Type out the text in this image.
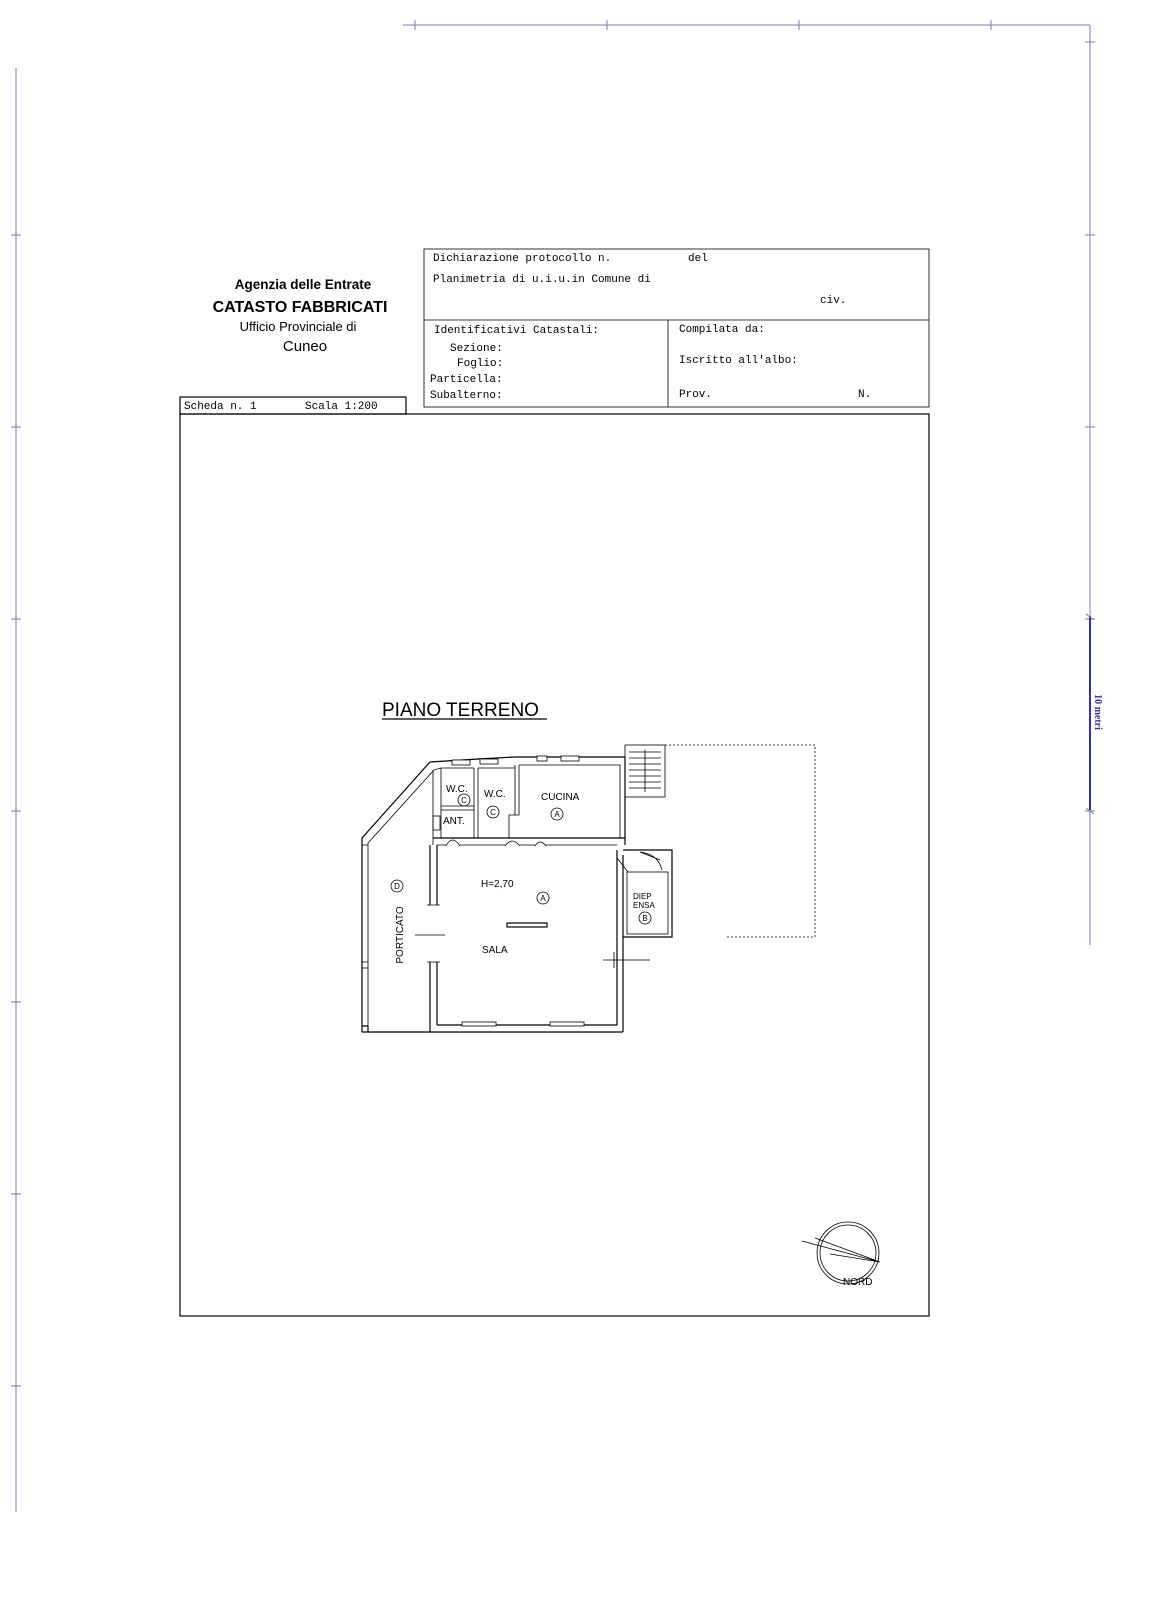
10 metri
Agenzia delle Entrate
CATASTO FABBRICATI
Ufficio Provinciale di
Cuneo
Dichiarazione protocollo n.	del
Planimetria di u.i.u.in Comune di
civ.
Identificativi Catastali:
Sezione:
Foglio:
Particella:
Subalterno:
Compilata da:
Iscritto all'albo:
Prov.	N.
Scheda n. 1	Scala 1:200
PIANO TERRENO
W.C.
C
W.C.
C
CUCINA
A
ANT.
H=2,70
A
SALA
PORTICATO
D
DIEP
ENSA
B
NORD
